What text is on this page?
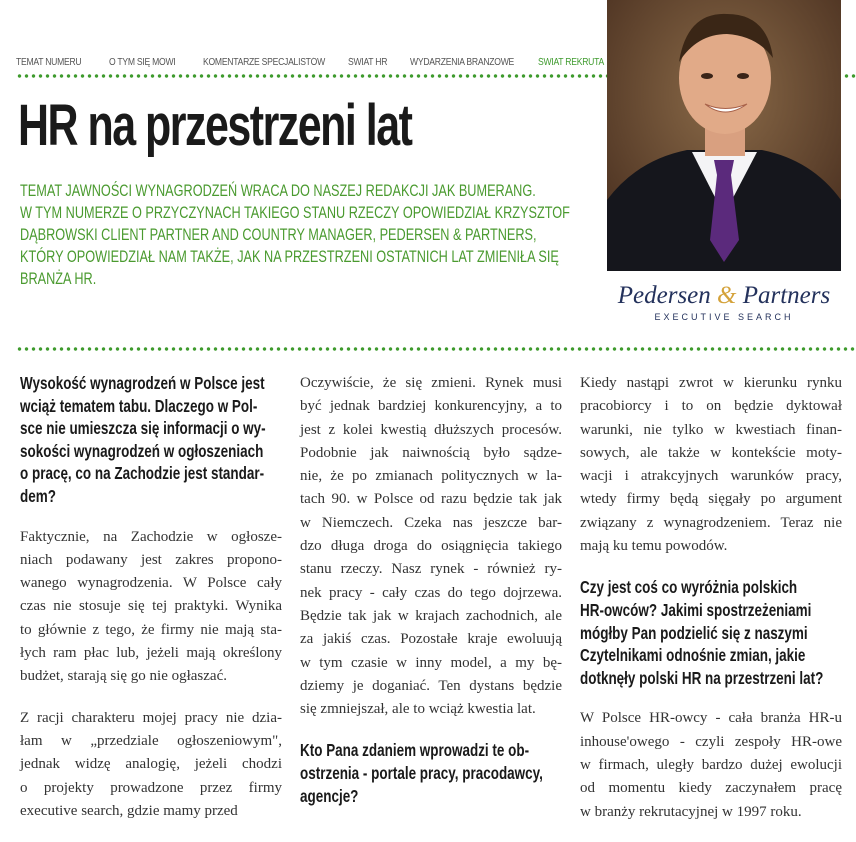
TEMAT NUMERU	O TYM SIĘ MÓWI	KOMENTARZE SPECJALISTÓW ŚWIAT HR WYDARZENIA BRANŻOWE ŚWIAT REKRUTA
Pedersen & Partners
EXECUTIVE SEARCH
HR na przestrzeni lat
TEMAT JAWNOŚCI WYNAGRODZEŃ WRACA DO NASZEJ REDAKCJI JAK BUMERANG.
W TYM NUMERZE O PRZYCZYNACH TAKIEGO STANU RZECZY OPOWIEDZIAŁ KRZYSZTOF
DĄBROWSKI CLIENT PARTNER AND COUNTRY MANAGER, PEDERSEN & PARTNERS,
KTÓRY OPOWIEDZIAŁ NAM TAKŻE, JAK NA PRZESTRZENI OSTATNICH LAT ZMIENIŁA SIĘ
BRANŻA HR.
Wysokość wynagrodzeń w Polsce jest
wciąż tematem tabu. Dlaczego w Pol-
sce nie umieszcza się informacji o wy-
sokości wynagrodzeń w ogłoszeniach
o pracę, co na Zachodzie jest standar-
dem?
Faktycznie, na Zachodzie w ogłosze-
niach podawany jest zakres propono-
wanego wynagrodzenia. W Polsce cały
czas nie stosuje się tej praktyki. Wynika
to głównie z tego, że firmy nie mają sta-
łych ram płac lub, jeżeli mają określony
budżet, starają się go nie ogłaszać.
Z racji charakteru mojej pracy nie dzia-
łam w „przedziale ogłoszeniowym",
jednak widzę analogię, jeżeli chodzi
o projekty prowadzone przez firmy
executive search, gdzie mamy przed
Oczywiście, że się zmieni. Rynek musi
być jednak bardziej konkurencyjny, a to
jest z kolei kwestią dłuższych procesów.
Podobnie jak naiwnością było sądze-
nie, że po zmianach politycznych w la-
tach 90. w Polsce od razu będzie tak jak
w Niemczech. Czeka nas jeszcze bar-
dzo długa droga do osiągnięcia takiego
stanu rzeczy. Nasz rynek - również ry-
nek pracy - cały czas do tego dojrzewa.
Będzie tak jak w krajach zachodnich, ale
za jakiś czas. Pozostałe kraje ewoluują
w tym czasie w inny model, a my bę-
dziemy je doganiać. Ten dystans będzie
się zmniejszał, ale to wciąż kwestia lat.
Kto Pana zdaniem wprowadzi te ob-
ostrzenia - portale pracy, pracodawcy,
agencje?
Kiedy nastąpi zwrot w kierunku rynku
pracobiorcy i to on będzie dyktował
warunki, nie tylko w kwestiach finan-
sowych, ale także w kontekście moty-
wacji i atrakcyjnych warunków pracy,
wtedy firmy będą sięgały po argument
związany z wynagrodzeniem. Teraz nie
mają ku temu powodów.
Czy jest coś co wyróżnia polskich
HR-owców? Jakimi spostrzeżeniami
mógłby Pan podzielić się z naszymi
Czytelnikami odnośnie zmian, jakie
dotknęły polski HR na przestrzeni lat?
W Polsce HR-owcy - cała branża HR-u
inhouse'owego - czyli zespoły HR-owe
w firmach, uległy bardzo dużej ewolucji
od momentu kiedy zaczynałem pracę
w branży rekrutacyjnej w 1997 roku.
